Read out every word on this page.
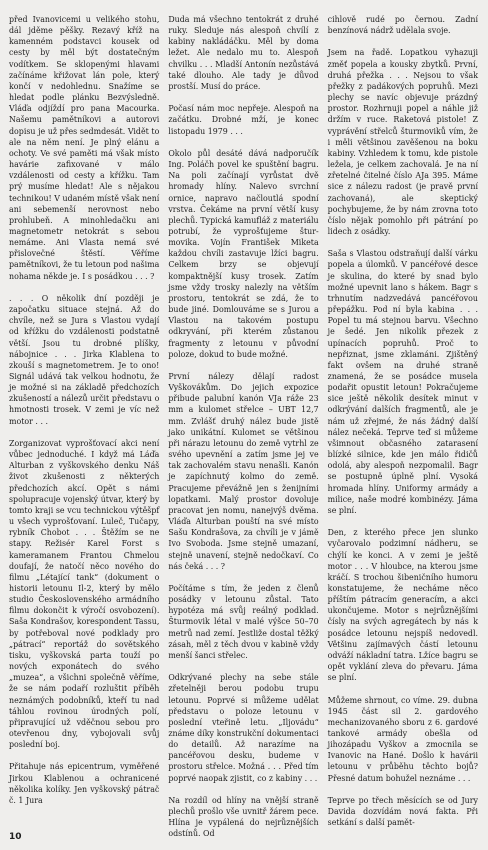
před Ivanovicemi u velikého stohu, dál jděme pěšky. Rezavý kříž na kamenném podstavci kousek od cesty by měl být dostatečným vodítkem. Se sklopenými hlavami začínáme křižovat lán pole, který končí v nedohlednu. Snažíme se hledat podle plánku Bezvýsledně. Vláďa odjíždí pro pana Macourka. Našemu pamětníkovi a autorovi dopisu je už přes sedmdesát. Vidět to ale na něm není. Je plný elánu a ochoty. Ve své paměti má však místo havárie zafixované v málo vzdálenosti od cesty a křížku. Tam prý musíme hledat! Ale s nějakou technikou! V udaném místě však není ani sebemenší nerovnost nebo prohlubeň. A minohledačku ani magnetometr netokrát s sebou nemáme. Ani Vlasta nemá své přislovečné štěstí. Věříme pamětníkovi, že tu letoun pod našima nohama někde je. I s posádkou . . . ?

. . . O několik dní později je započatku situace stejná. Až do chvíle, než se Jura s Vlastou vydají od křížku do vzdálenosti podstatně větší. Jsou tu drobné plíšky, nábojnice . . . Jirka Klablena to zkouší s magnetometrem. Je to ono! Signál udává tak velkou hodnotu, že je možné si na základě předchozích zkušeností a nálezů určit představu o hmotnosti trosek. V zemi je víc než motor . . .

Zorganizovat vyprošťovací akci není vůbec jednoduché. I když má Láďa Alturban z vyškovského denku Náš život zkušenosti z některých předchozích akcí. Opět s námi spolupracuje vojenský útvar, který by tomto kraji se vcu technickou výtěšpf u všech vyprošťovaní. Luleč, Tučapy, rybník Chobot . . . Štěžím se ne stapy. Režisér Karel Forst s kameramanem Frantou Chmelou doufají, že natočí něco nového do filmu „Létající tank“ (dokument o historii letounu Il-2, který by mělo studio Československého armádního filmu dokončit k výročí osvobození). Saša Kondrašov, korespondent Tassu, by potřeboval nové podklady pro „pátrací“ reportáž do sovětského tisku, vyškovská parta touží po nových exponátech do svého „muzea“, a všichni společně věříme, že se nám podaří rozluštit příběh neznámých podobníků, kteří tu nad táhlou rovinou úrodných polí, připravující už vděčnou sebou pro otevřenou dny, vybojovali svůj poslední boj.

Přitahuje nás epicentrum, vyměřené Jirkou Klablenou a ochranicené několika kolíky. Jen vyškovský pátrač č. 1 Jura

Duda má všechno tentokrát z druhé ruky. Sleduje nás alespoň chvílí z kabiny nakládáčku. Měl by doma ležet. Ale nedalo mu to. Alespoň chvilku . . . Mladší Antonín nezůstává také dlouho. Ale tady je důvod prostší. Musí do práce.

Počasí nám moc nepřeje. Alespoň na začátku. Drobné mží, je konec listopadu 1979 . . .

Okolo půl desáté dává nadporučík Ing. Poláčh povel ke spuštění bagru. Na poli začínají vyrůstat dvě hromady hlíny. Nalevo svrchní ornice, napravo načloutlá spodní vrstva. Čekáme na první větší kusy plechů. Typická kamufláž z materiálu potrubí, že vyprošťujeme štur-movika. Vojín František Miketa každou chvíli zastavuje lžíci bagru. Celkem brzy se objevují kompaktnější kusy trosek. Zatím jsme vždy trosky nalezly na větším prostoru, tentokrát se zdá, že to bude jiné. Domlouváme se s Jurou a Vlastou na takovém postupu odkryvání, při kterém zůstanou fragmenty z letounu v původní poloze, dokud to bude možné.

První nálezy dělají radost Vyškovákům. Do jejich expozice přibude palubní kanón VJa ráže 23 mm a kulomet střelce – UBT 12,7 mm. Zvlášť druhý nález bude jistě jako unikátní. Kulomet se většinou při nárazu letounu do země vytrhl ze svého upevnění a zatím jsme jej ve tak zachovalém stavu nenašli. Kanón je zapíchnutý kolmo do země. Pracujeme převážně jen s ženijními lopatkami. Malý prostor dovoluje pracovat jen nomu, nanejvýš dvěma. Vláďa Alturban pouští na své místo Sašu Kondrašova, za chvíli je v jámě Ivo Svoboda. Jsme stejně umazaní, stejně unavení, stejně nedočkaví. Co nás čeká . . . ?

Počítáme s tím, že jeden z členů posádky v letounu zůstal. Tato hypotéza má svůj reálný podklad. Šturmovik létal v malé výšce 50–70 metrů nad zemí. Jestliže dostal těžký zásah, měl z těch dvou v kabině vždy menší šanci střelec.

Odkrývané plechy na sebe stále zřetelněji berou podobu trupu letounu. Poprvé si můžeme udělat představu o poloze letounu v poslední vteřině letu. „Iljovádu“ známe díky konstrukční dokumentaci do detailů. Až narazíme na pancéřovou desku, budeme v prostoru střelce. Možná . . . Před tím poprvé naopak zjistit, co z kabiny . . .

Na rozdíl od hlíny na vnější straně plechů prošlo vše uvnitř žárem pece. Hlína je vypálená do nejrůznějších odstínů. Od

cihlově rudé po černou. Zadní benzínová nádrž udělala svoje.

Jsem na řadě. Lopatkou vyhazuji změť popela a kousky zbytků. První, druhá přežka . . . Nejsou to však přežky z padákových popruhů. Mezi plechy se navíc objevuje prázdný prostor. Rozhrnuji popel a náhle již držím v ruce. Raketová pistole! Z vyprávění střelců šturmoviků vím, že i měli většinou zavěšenou na boku kabiny. Vzhledem k tomu, kde pistole ležela, je celkem zachovalá. Je na ní zřetelné čitelné číslo AJa 395. Máme sice z nálezu radost (je pravě první zachovaná), ale skeptický pochybujeme, že by nám zrovna toto číslo nějak pomohlo při pátrání po lidech z osádky.

Saša s Vlastou odstraňují další várku popela a úlomků. V pancéřové desce je skulina, do které by snad bylo možné upevnit lano s hákem. Bagr s trhnutím nadzvedává pancéřovou přepážku. Pod ní byla kabina . . . Popel tu má stejnou barvu. Všechno je šedé. Jen nikolik přezek z upínacích popruhů. Proč to nepřiznat, jsme zklamáni. Zjištěný fakt ovšem na druhé straně znamená, že se posádce musela podařit opustit letoun! Pokračujeme sice ještě několik desítek minut v odkrývání dalších fragmentů, ale je nám už zřejmé, že nás žádný další nález nečeká. Teprve teď si můžeme všimnout občasného zatarasení blízké silnice, kde jen málo řidičů odolá, aby alespoň nezpomalil. Bagr se postupně úplně plní. Vysoká hromada hlíny. Uniformy armády a milice, naše modré kombinézy. Jáma se plní.

Den, z kterého přece jen slunko vyčarovalo podzimní nádheru, se chýlí ke konci. A v zemi je ještě motor . . . V hloubce, na kterou jsme kráčí. S trochou šibeničního humoru konstatujeme, že necháme něco příštím pátracím generacím, a akci ukončujeme. Motor s nejrůznějšími čísly na svých agregátech by nás k posádce letounu nejspíš nedovedl. Většinu zajímavých částí letounu odváží nákladní tatra. Lžíce bagru se opět vyklání zleva do převaru. Jáma se plní.

Můžeme shrnout, co víme. 29. dubna 1945 část sil 2. gardového mechanizovaného sboru z 6. gardové tankové armády obešla od jihozápadu Vyškov a zmocnila se Ivanovic na Hané. Došlo k havárii letounu v průběhu těchto bojů? Přesné datum bohužel neznáme . . .

Teprve po třech měsících se od Jury Davida dozvídám nová fakta. Při setkání s další pamět-

10
